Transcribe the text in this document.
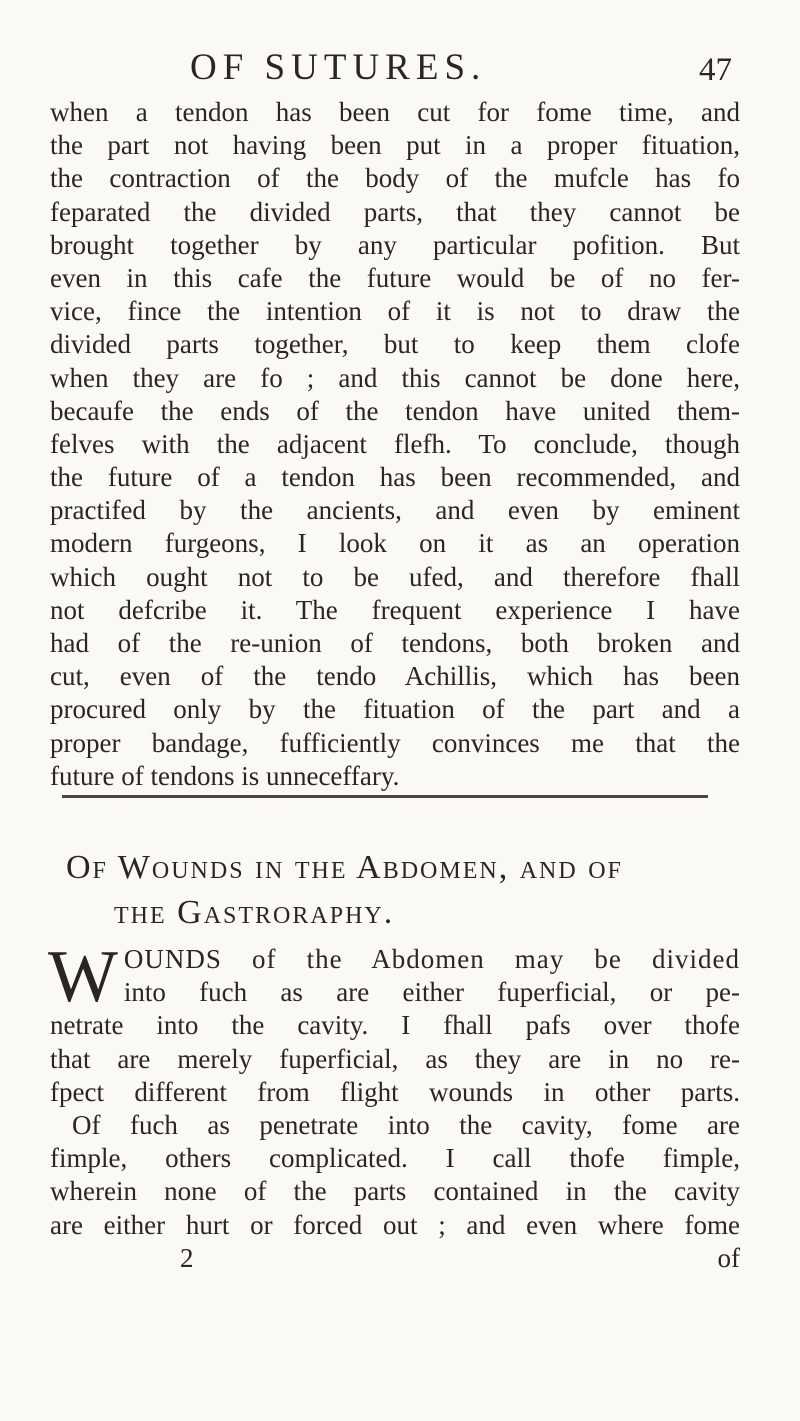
OF SUTURES.	47
when a tendon has been cut for fome time, and
the part not having been put in a proper fituation,
the contraction of the body of the mufcle has fo
feparated the divided parts, that they cannot be
brought together by any particular pofition. But
even in this cafe the future would be of no fer-
vice, fince the intention of it is not to draw the
divided parts together, but to keep them clofe
when they are fo ; and this cannot be done here,
becaufe the ends of the tendon have united them-
felves with the adjacent flefh. To conclude, though
the future of a tendon has been recommended, and
practifed by the ancients, and even by eminent
modern furgeons, I look on it as an operation
which ought not to be ufed, and therefore fhall
not defcribe it. The frequent experience I have
had of the re-union of tendons, both broken and
cut, even of the tendo Achillis, which has been
procured only by the fituation of the part and a
proper bandage, fufficiently convinces me that the
future of tendons is unneceffary.
Of Wounds in the Abdomen, and of
the Gastroraphy.
W OUNDS of the Abdomen may be divided
into fuch as are either fuperficial, or pe-
netrate into the cavity. I fhall pafs over thofe
that are merely fuperficial, as they are in no re-
fpect different from flight wounds in other parts.
Of fuch as penetrate into the cavity, fome are
fimple, others complicated. I call thofe fimple,
wherein none of the parts contained in the cavity
are either hurt or forced out ; and even where fome
2	of
